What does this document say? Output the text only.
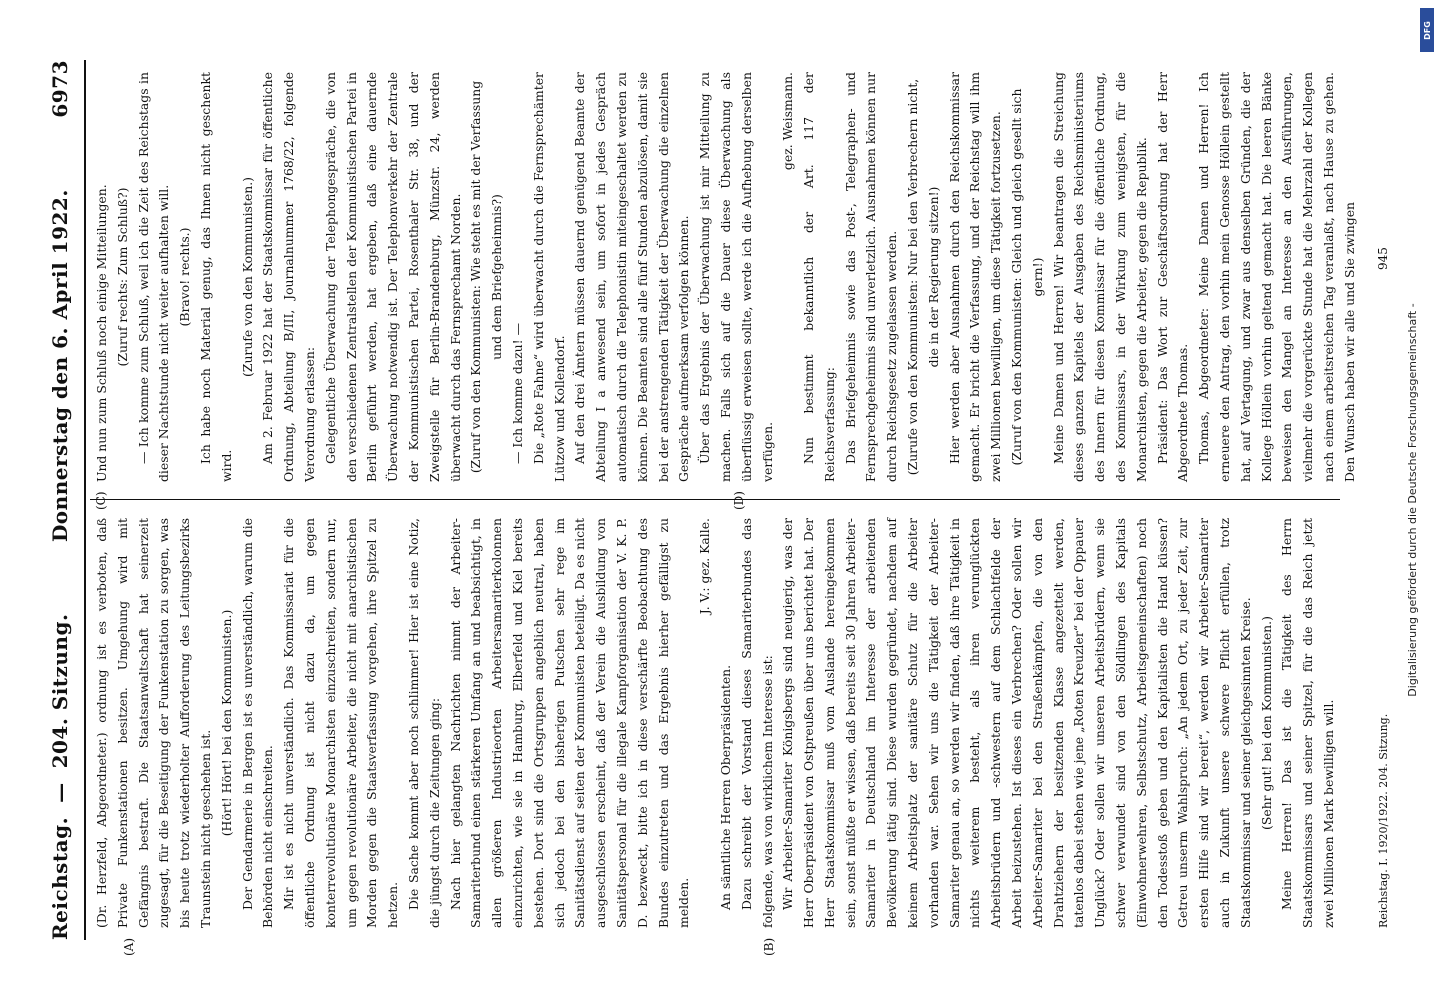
Reichstag.
—
204. Sitzung.
Donnerstag den 6. April 1922.
6973
(A)	(B)
(C)	(D)

(Dr. Herzfeld, Abgeordneter.) ordnung ist es verboten, daß Private Funkenstationen besitzen. Umgehung wird mit Gefängnis bestraft. Die Staatsanwaltschaft hat seinerzeit zugesagt, für die Beseitigung der Funkenstation zu sorgen, was bis heute trotz wiederholter Aufforderung des Leitungsbezirks Traunstein nicht geschehen ist. (Hört! Hört! bei den Kommunisten.) Der Gendarmerie in Bergen ist es unverständlich, warum die Behörden nicht einschreiten. Mir ist es nicht unverständlich. Das Kommissariat für die öffentliche Ordnung ist nicht dazu da, um gegen konterrevolutionäre Monarchisten einzuschreiten, sondern nur, um gegen revolutionäre Arbeiter, die nicht mit anarchistischen Morden gegen die Staatsverfassung vorgehen, ihre Spitzel zu hetzen. Die Sache kommt aber noch schlimmer! Hier ist eine Notiz, die jüngst durch die Zeitungen ging: Nach hier gelangten Nachrichten nimmt der Arbeiter-Samariterbund einen stärkeren Umfang an und beabsichtigt, in allen größeren Industrieorten Arbeitersamariterkolonnen einzurichten, wie sie in Hamburg, Elberfeld und Kiel bereits bestehen. Dort sind die Ortsgruppen angeblich neutral, haben sich jedoch bei den bisherigen Putschen sehr rege im Sanitätsdienst auf seiten der Kommunisten beteiligt. Da es nicht ausgeschlossen erscheint, daß der Verein die Ausbildung von Sanitätspersonal für die illegale Kampforganisation der V. K. P. D. bezweckt, bitte ich in diese verschärfte Beobachtung des Bundes einzutreten und das Ergebnis hierher gefälligst zu melden.

J. V.: gez. Kalle.

An sämtliche Herren Oberpräsidenten. Dazu schreibt der Vorstand dieses Samariterbundes das folgende, was von wirklichem Interesse ist: Wir Arbeiter-Samariter Königsbergs sind neugierig, was der Herr Oberpräsident von Ostpreußen über uns berichtet hat. Der Herr Staatskommissar muß vom Auslande hereingekommen sein, sonst müßte er wissen, daß bereits seit 30 Jahren Arbeiter-Samariter in Deutschland im Interesse der arbeitenden Bevölkerung tätig sind. Diese wurden gegründet, nachdem auf keinem Arbeitsplatz der sanitäre Schutz für die Arbeiter vorhanden war. Sehen wir uns die Tätigkeit der Arbeiter-Samariter genau an, so werden wir finden, daß ihre Tätigkeit in nichts weiterem besteht, als ihren verunglückten Arbeitsbrüdern und -schwestern auf dem Schlachtfelde der Arbeit beizustehen. Ist dieses ein Verbrechen? Oder sollen wir Arbeiter-Samariter bei den Straßenkämpfen, die von den Drahtziehern der besitzenden Klasse angezettelt werden, tatenlos dabei stehen wie jene „Roten Kreuzler“ bei der Oppauer Unglück? Oder sollen wir unseren Arbeitsbrüdern, wenn sie schwer verwundet sind von den Söldlingen des Kapitals (Einwohnerwehren, Selbstschutz, Arbeitsgemeinschaften) noch den Todesstoß geben und den Kapitalisten die Hand küssen? Getreu unserm Wahlspruch: „An jedem Ort, zu jeder Zeit, zur ersten Hilfe sind wir bereit“, werden wir Arbeiter-Samariter auch in Zukunft unsere schwere Pflicht erfüllen, trotz Staatskommissar und seiner gleichgesinnten Kreise. (Sehr gut! bei den Kommunisten.) Meine Herren! Das ist die Tätigkeit des Herrn Staatskommissars und seiner Spitzel, für die das Reich jetzt zwei Millionen Mark bewilligen will.

Und nun zum Schluß noch einige Mitteilungen. (Zuruf rechts: Zum Schluß?) — Ich komme zum Schluß, weil ich die Zeit des Reichstags in dieser Nachtstunde nicht weiter aufhalten will. (Bravo! rechts.) Ich habe noch Material genug, das Ihnen nicht geschenkt wird.

(Zurufe von den Kommunisten.) Am 2. Februar 1922 hat der Staatskommissar für öffentliche Ordnung, Abteilung B/III, Journalnummer 1768/22, folgende Verordnung erlassen: Gelegentliche Überwachung der Telephongespräche, die von den verschiedenen Zentralstellen der Kommunistischen Partei in Berlin geführt werden, hat ergeben, daß eine dauernde Überwachung notwendig ist. Der Telephonverkehr der Zentrale der Kommunistischen Partei, Rosenthaler Str. 38, und der Zweigstelle für Berlin-Brandenburg, Münzstr. 24, werden überwacht durch das Fernsprechamt Norden. (Zuruf von den Kommunisten: Wie steht es mit der Verfassung und dem Briefgeheimnis?)

— Ich komme dazu! — Die „Rote Fahne“ wird überwacht durch die Fernsprechämter Lützow und Kollendorf. Auf den drei Ämtern müssen dauernd genügend Beamte der Abteilung I a anwesend sein, um sofort in jedes Gespräch automatisch durch die Telephonistin miteingeschaltet werden zu können. Die Beamten sind alle fünf Stunden abzulösen, damit sie bei der anstrengenden Tätigkeit der Überwachung die einzelnen Gespräche aufmerksam verfolgen können. Über das Ergebnis der Überwachung ist mir Mitteilung zu machen. Falls sich auf die Dauer diese Überwachung als überflüssig erweisen sollte, werde ich die Aufhebung derselben verfügen.

gez. Weismann. Nun bestimmt bekanntlich der Art. 117 der Reichsverfassung: Das Briefgeheimnis sowie das Post-, Telegraphen- und Fernsprechgeheimnis sind unverletzlich. Ausnahmen können nur durch Reichsgesetz zugelassen werden. (Zurufe von den Kommunisten: Nur bei den Verbrechern nicht, die in der Regierung sitzen!) Hier werden aber Ausnahmen durch den Reichskommissar gemacht. Er bricht die Verfassung, und der Reichstag will ihm zwei Millionen bewilligen, um diese Tätigkeit fortzusetzen. (Zuruf von den Kommunisten: Gleich und gleich gesellt sich gern!) Meine Damen und Herren! Wir beantragen die Streichung dieses ganzen Kapitels der Ausgaben des Reichsministeriums des Innern für diesen Kommissar für die öffentliche Ordnung, des Kommissars, in der Wirkung zum wenigsten, für die Monarchisten, gegen die Arbeiter, gegen die Republik. Präsident: Das Wort zur Geschäftsordnung hat der Herr Abgeordnete Thomas. Thomas, Abgeordneter: Meine Damen und Herren! Ich erneuere den Antrag, den vorhin mein Genosse Höllein gestellt hat, auf Vertagung, und zwar aus denselben Gründen, die der Kollege Höllein vorhin geltend gemacht hat. Die leeren Bänke beweisen den Mangel an Interesse an den Ausführungen, vielmehr die vorgerückte Stunde hat die Mehrzahl der Kollegen nach einem arbeitsreichen Tag veranlaßt, nach Hause zu gehen. Den Wunsch haben wir alle und Sie zwingen

Reichstag. I. 1920/1922. 204. Sitzung.
945
Digitalisierung gefördert durch die Deutsche Forschungsgemeinschaft -
DFG
